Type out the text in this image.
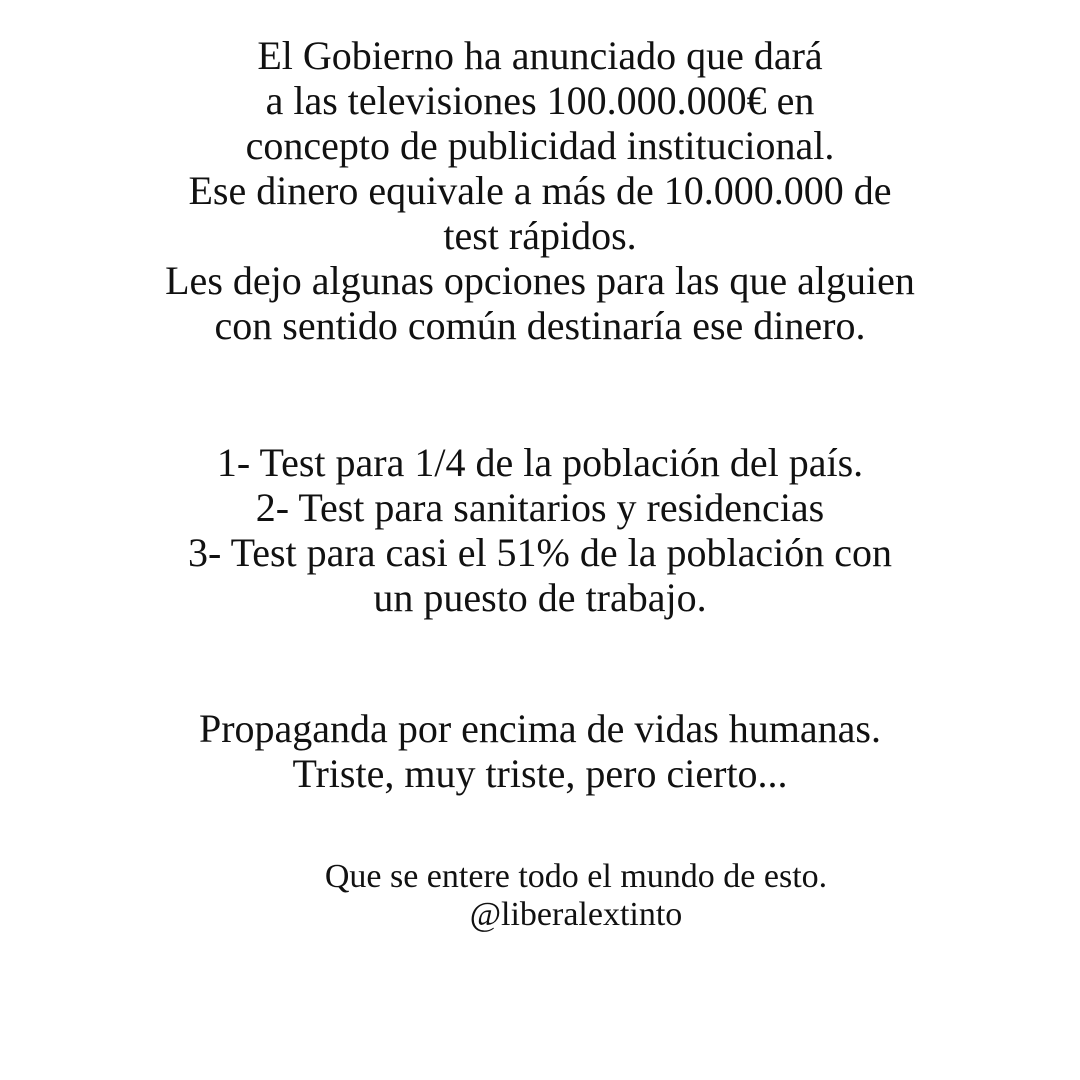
El Gobierno ha anunciado que dará
a las televisiones 100.000.000€ en
concepto de publicidad institucional.
Ese dinero equivale a más de 10.000.000 de
test rápidos.
Les dejo algunas opciones para las que alguien
con sentido común destinaría ese dinero.
1- Test para 1/4 de la población del país.
2- Test para sanitarios y residencias
3- Test para casi el 51% de la población con
un puesto de trabajo.
Propaganda por encima de vidas humanas.
Triste, muy triste, pero cierto...
Que se entere todo el mundo de esto.
@liberalextinto
